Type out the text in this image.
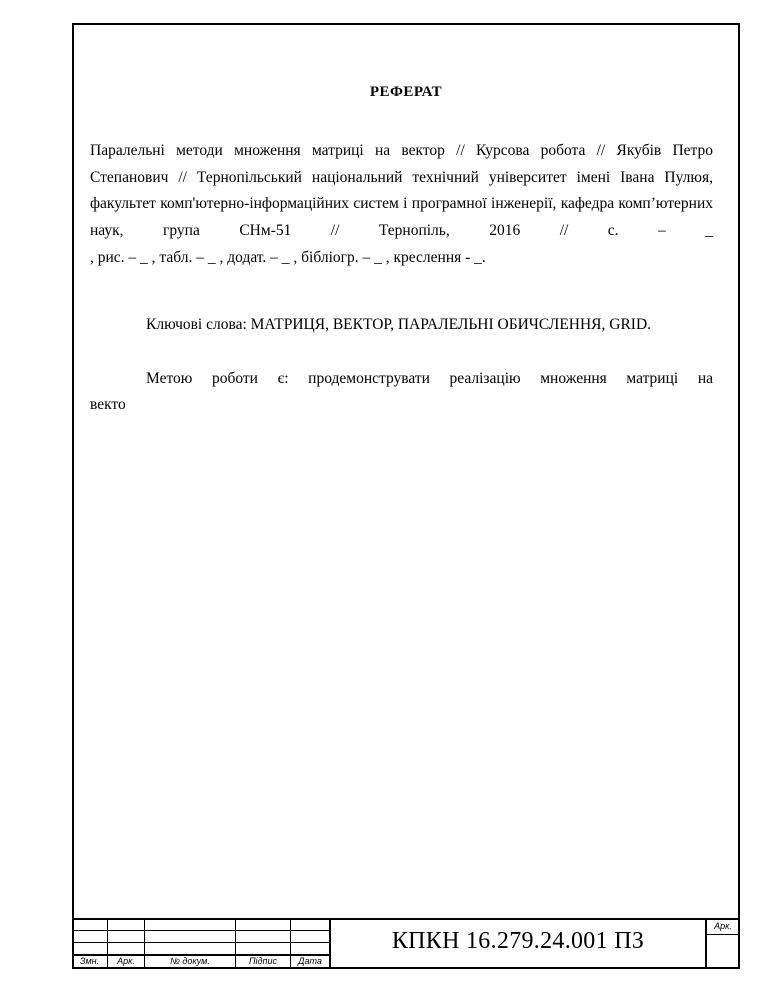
РЕФЕРАТ
Паралельні методи множення матриці на вектор // Курсова робота // Якубів Петро Степанович // Тернопільський національний технічний університет імені Івана Пулюя, факультет комп'ютерно-інформаційних систем і програмної інженерії, кафедра комп’ютерних наук, група СНм-51 // Тернопіль, 2016 // с. – _
, рис. – _ , табл. – _ , додат. – _ , бібліогр. – _ , креслення - _.
Ключові слова: МАТРИЦЯ, ВЕКТОР, ПАРАЛЕЛЬНІ ОБИЧСЛЕННЯ, GRID.
Метою роботи є: продемонструвати реалізацію множення матриці на
векто
Змн.	Арк.	№ докум.	Підпис	Дата
КПКН 16.279.24.001 ПЗ
Арк.
